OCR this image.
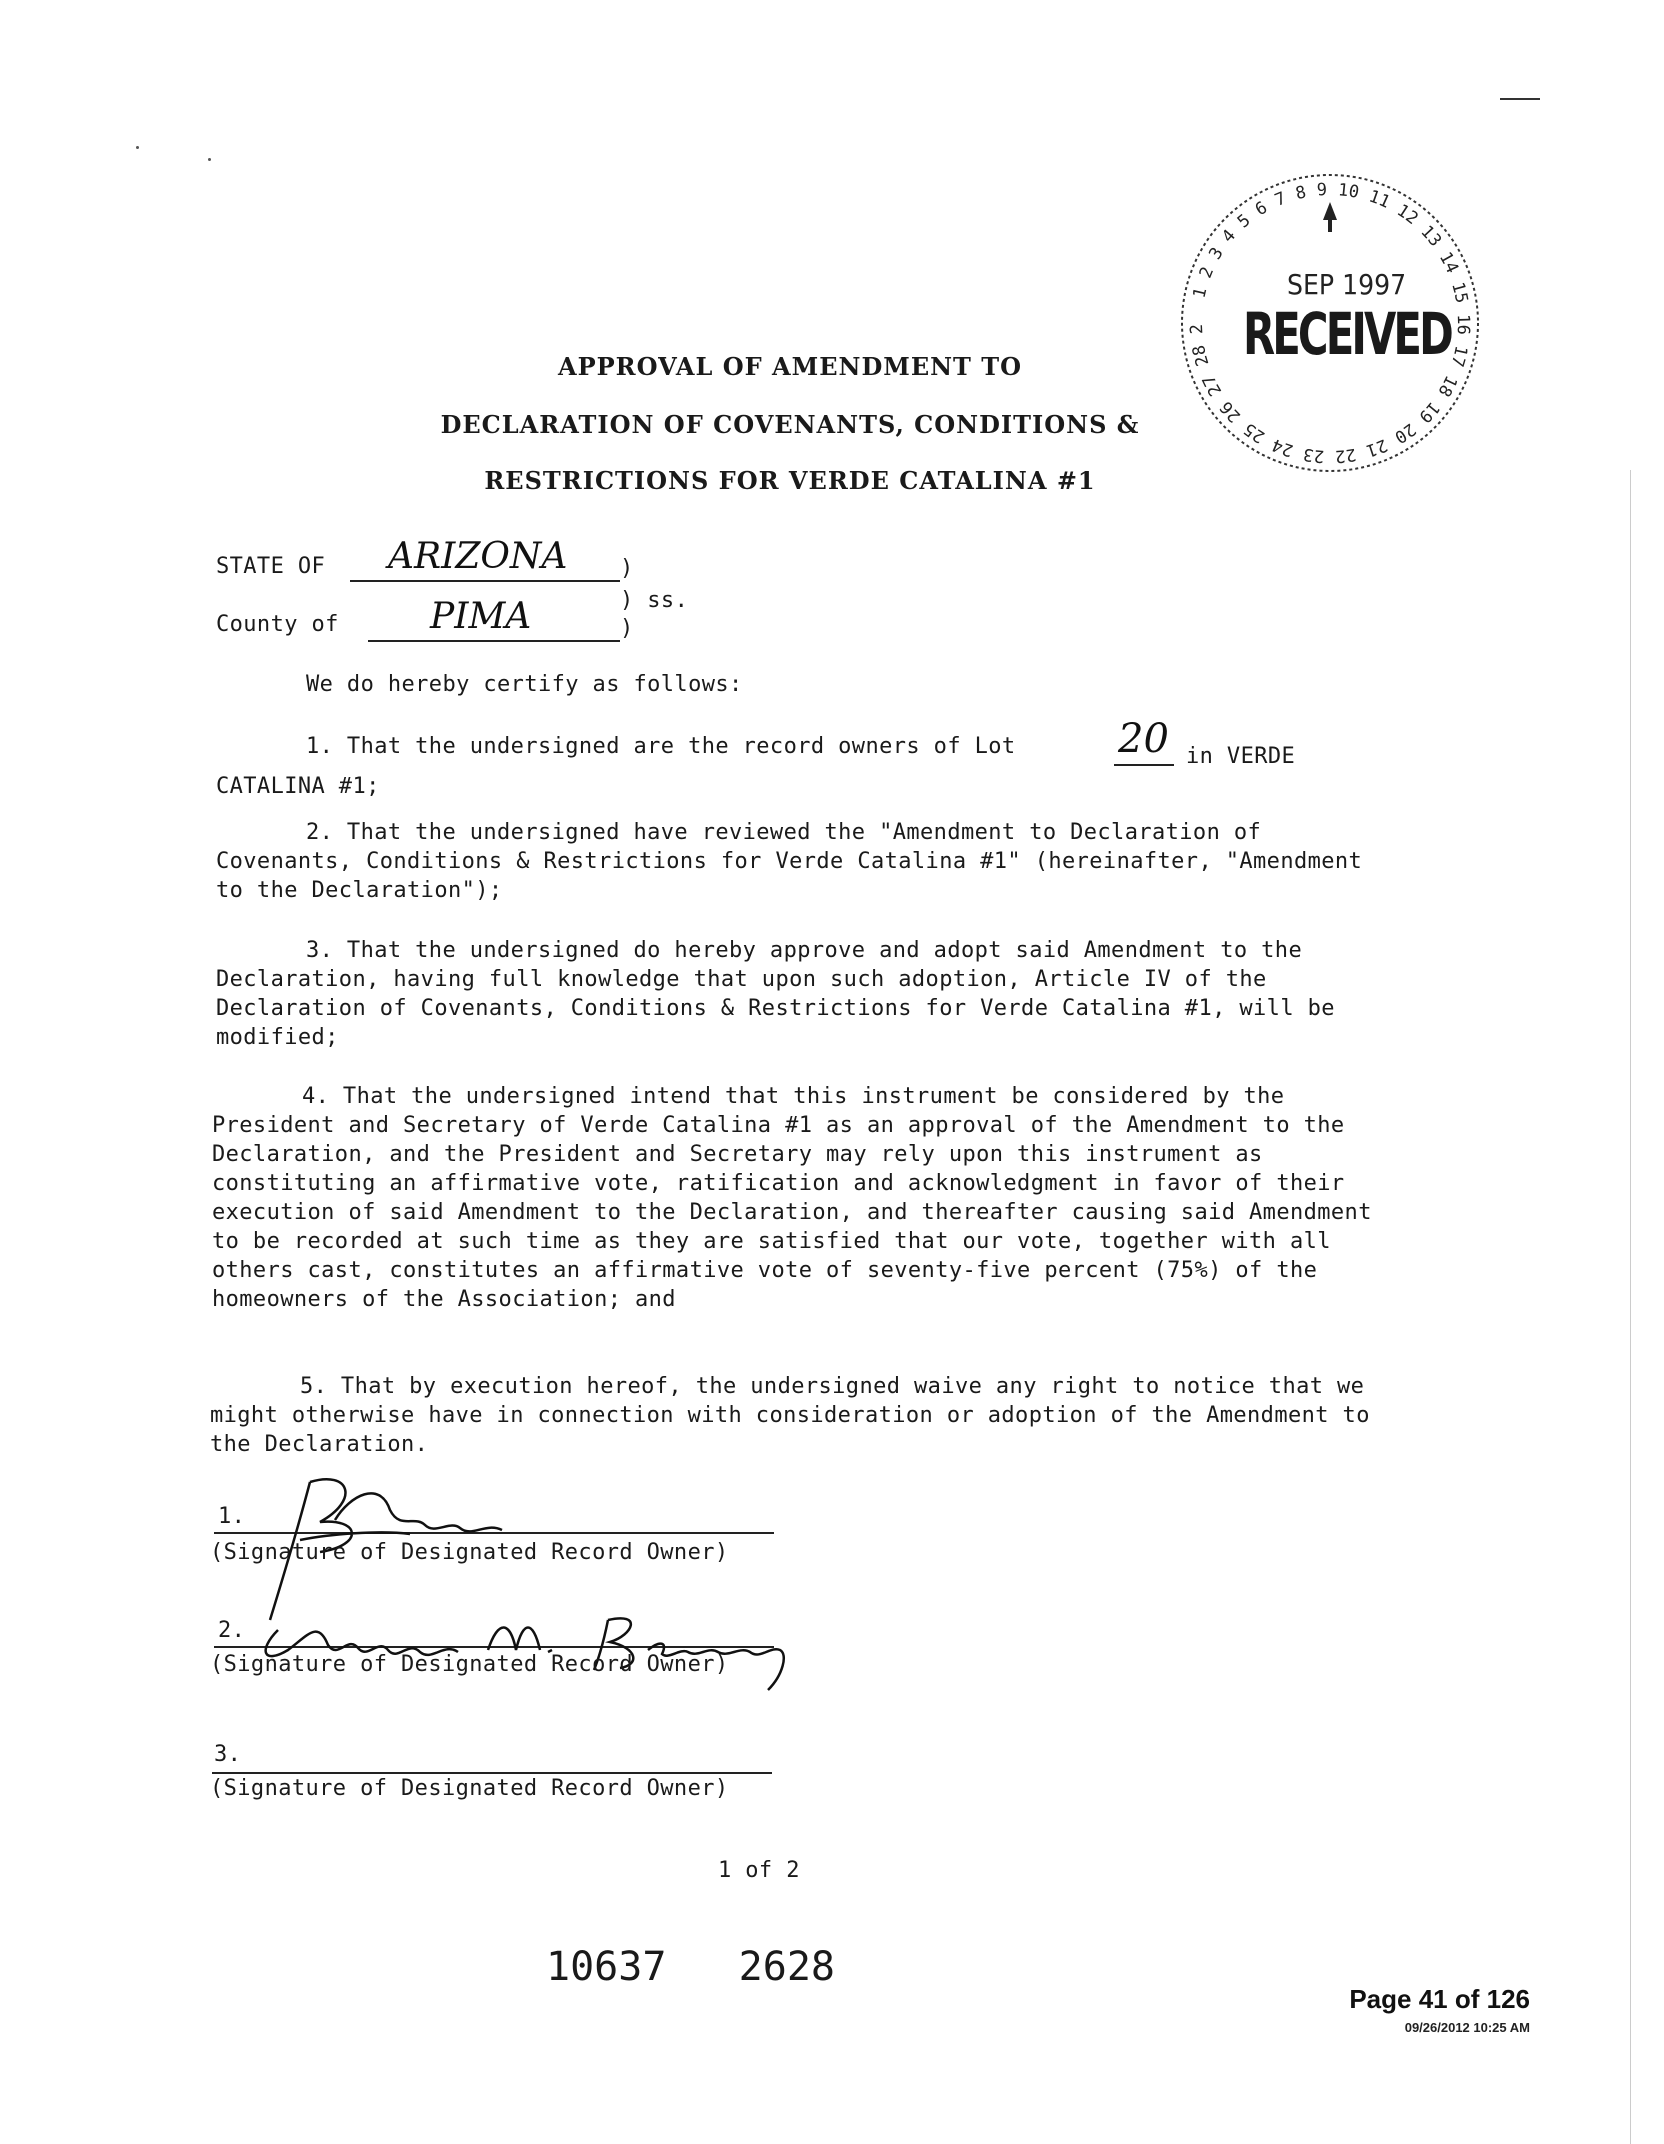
1 2 3 4 5 6 7 8 9 10 11 12 13 14 15 16 17 18 19 20 21 22 23 24 25 26 27 28 2
SEP 1997
RECEIVED
APPROVAL OF AMENDMENT TO
DECLARATION OF COVENANTS, CONDITIONS &
RESTRICTIONS FOR VERDE CATALINA #1
STATE OF ARIZONA )
) ss.
County of	PIMA	)
We do hereby certify as follows:
1. That the undersigned are the record owners of Lot	20 in VERDE CATALINA #1;
2. That the undersigned have reviewed the "Amendment to Declaration of Covenants, Conditions & Restrictions for Verde Catalina #1" (hereinafter, "Amendment to the Declaration");
3. That the undersigned do hereby approve and adopt said Amendment to the Declaration, having full knowledge that upon such adoption, Article IV of the Declaration of Covenants, Conditions & Restrictions for Verde Catalina #1, will be modified;
4. That the undersigned intend that this instrument be considered by the President and Secretary of Verde Catalina #1 as an approval of the Amendment to the Declaration, and the President and Secretary may rely upon this instrument as constituting an affirmative vote, ratification and acknowledgment in favor of their execution of said Amendment to the Declaration, and thereafter causing said Amendment to be recorded at such time as they are satisfied that our vote, together with all others cast, constitutes an affirmative vote of seventy-five percent (75%) of the homeowners of the Association; and
5. That by execution hereof, the undersigned waive any right to notice that we might otherwise have in connection with consideration or adoption of the Amendment to the Declaration.
1.
(Signature of Designated Record Owner)
2.
(Signature of Designated Record Owner)
3.
(Signature of Designated Record Owner)
1 of 2
10637   2628
Page 41 of 126
09/26/2012 10:25 AM
